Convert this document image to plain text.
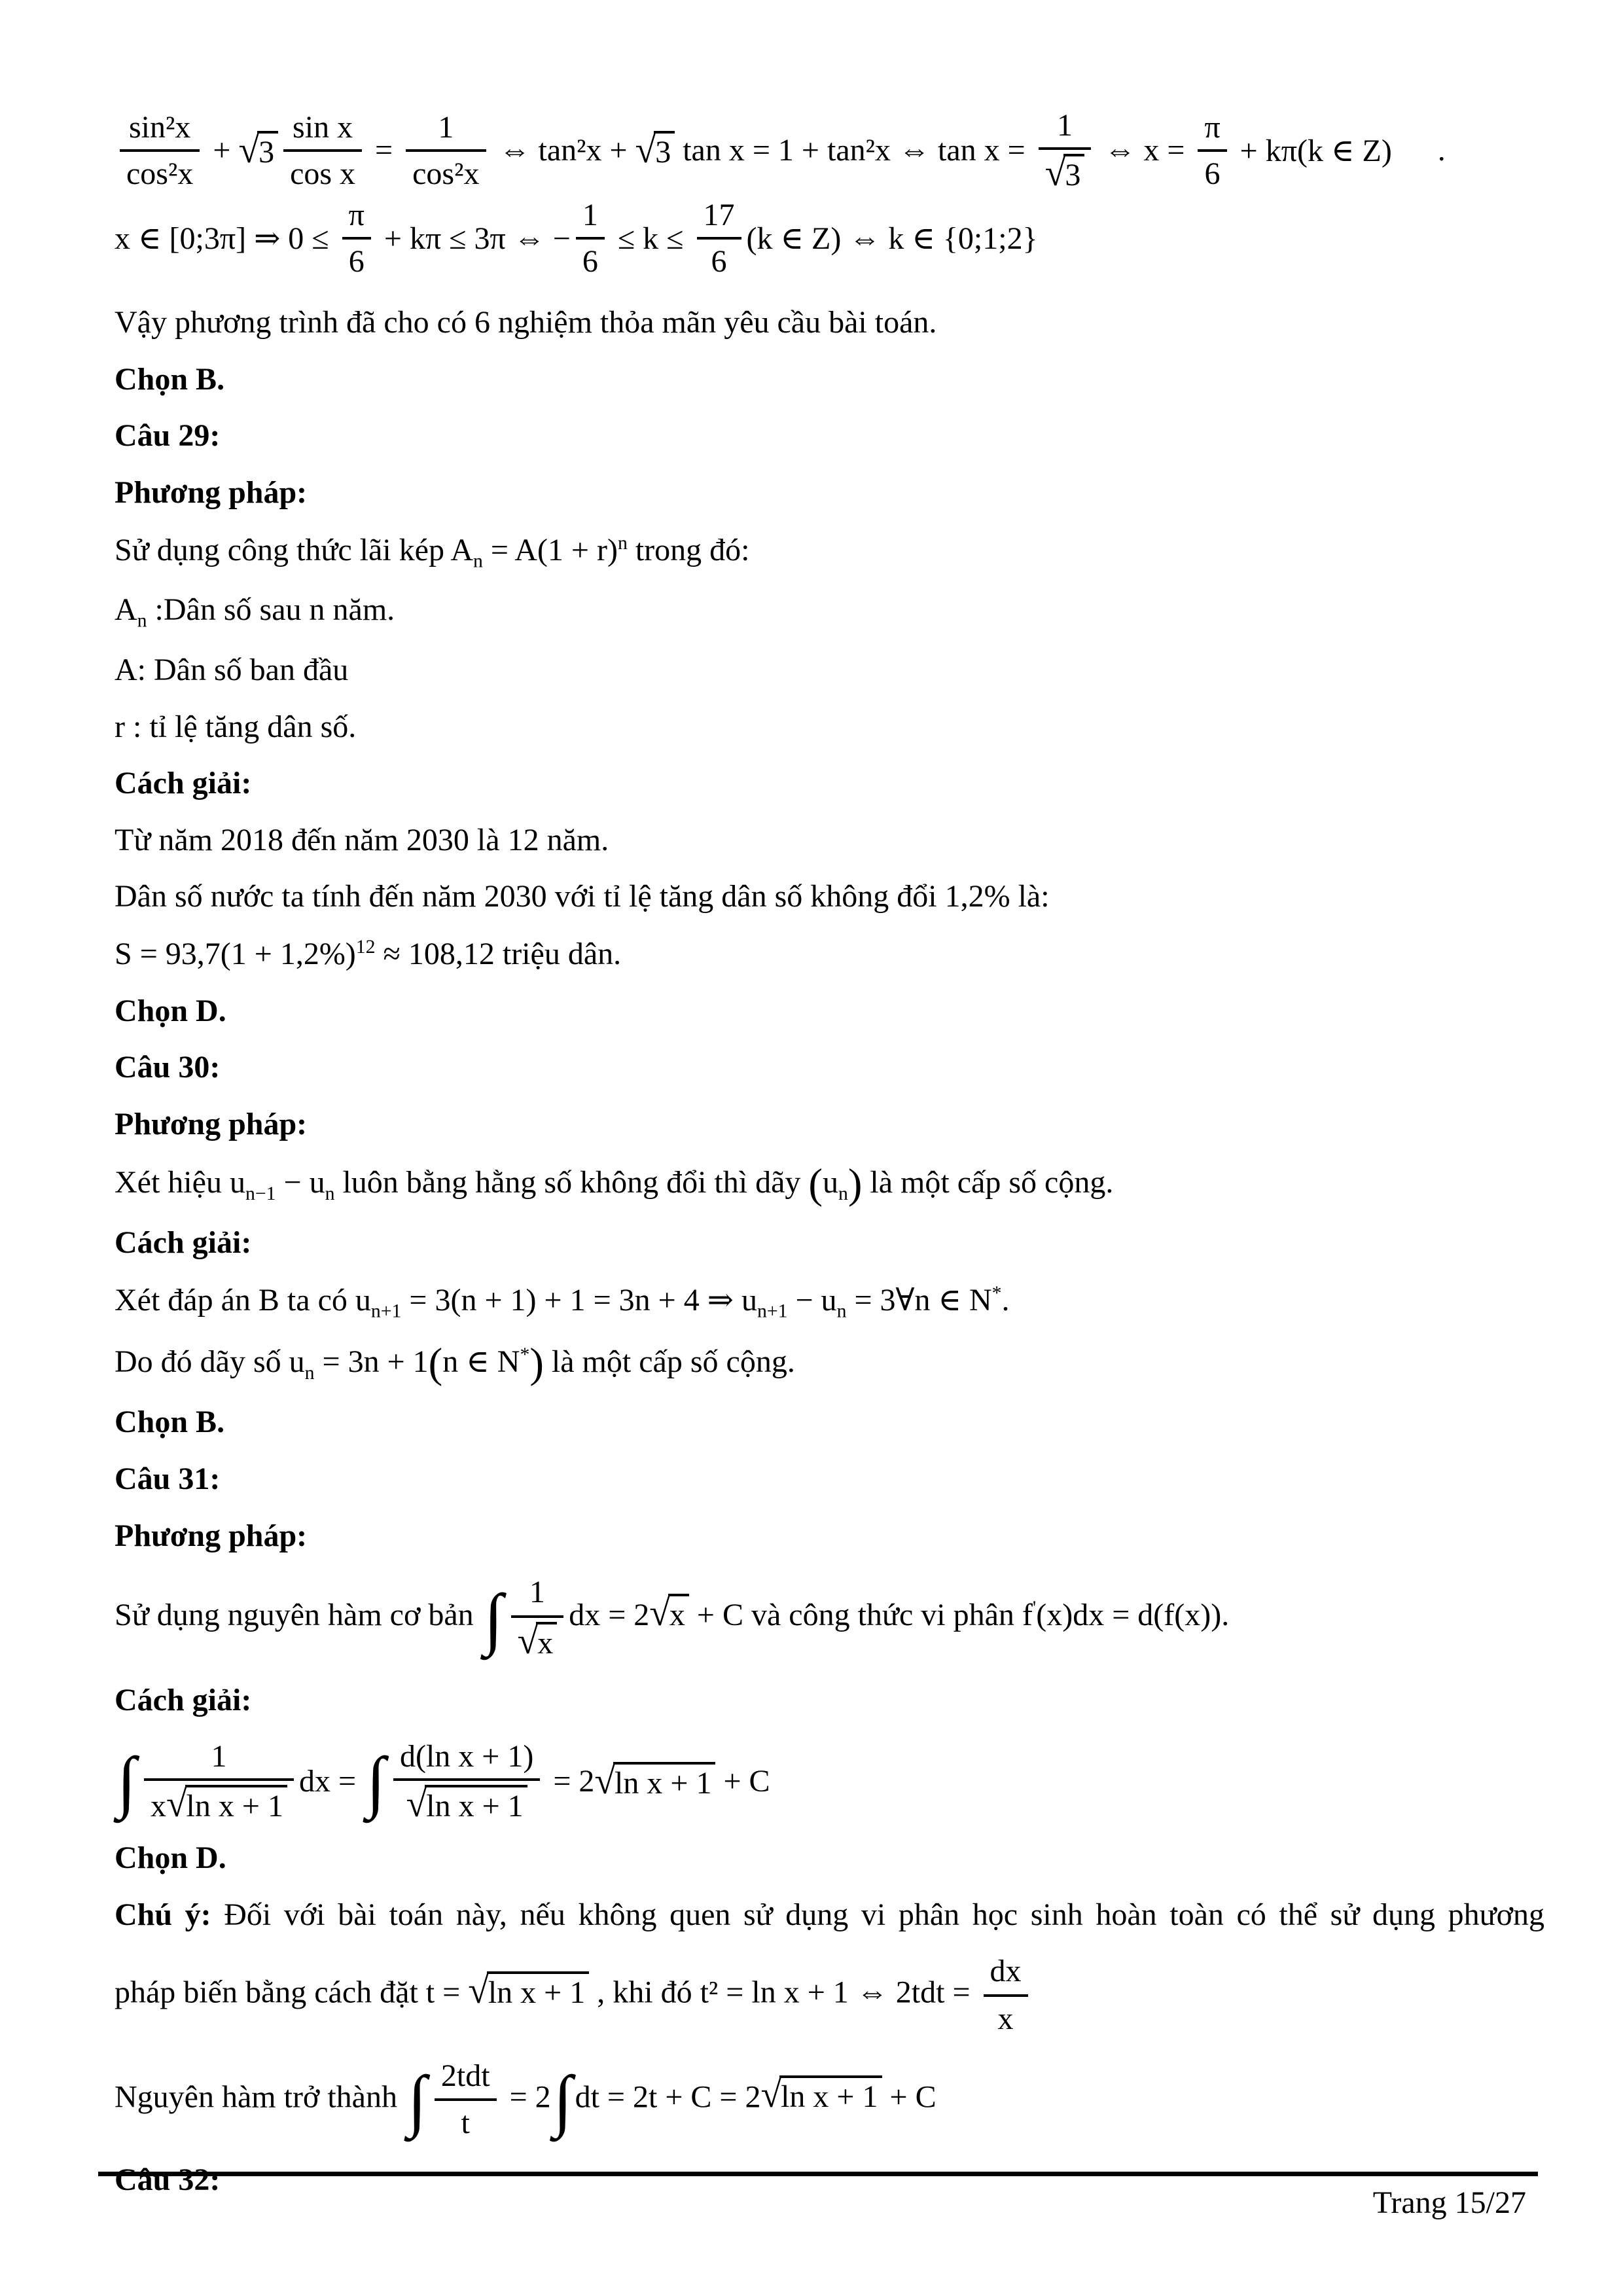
$\frac{\text{sin²x}}{\text{cos²x}} + √3 \frac{\text{sin x}}{\text{cos x}} = \frac{1}{\text{cos²x}}$ ⇔ tan²x + √3 tan x = 1 + tan²x ⇔ $\tan x = \frac{1}{√3}$ ⇔ $x = \frac{\pi}{6} + k\pi(k$ ∈ Z) .
x ∈ [0;3π] ⇒ $0 \le \frac{\pi}{6} + k\pi \le 3\pi$ ⇔ − $\frac{1}{6} \le k \le \frac{17}{6} (k$ ∈ Z) ⇔ k ∈ {0;1;2}

Vậy phương trình đã cho có 6 nghiệm thỏa mãn yêu cầu bài toán.

Chọn B.

Câu 29:

Phương pháp:

Sử dụng công thức lãi kép $A_n = A(1 + r)^n$ trong đó:

$A_n$ :Dân số sau n năm.

A: Dân số ban đầu

r : tỉ lệ tăng dân số.

Cách giải:

Từ năm 2018 đến năm 2030 là 12 năm.

Dân số nước ta tính đến năm 2030 với tỉ lệ tăng dân số không đổi 1,2% là:

$S = 93,7(1 + 1,2\%)^{12} \approx 108,12$ triệu dân.

Chọn D.

Câu 30:

Phương pháp:

Xét hiệu $u_{n-1} - u_n$ luôn bằng hằng số không đổi thì dãy $(u_n)$ là một cấp số cộng.

Cách giải:

Xét đáp án B ta có $u_{n+1} = 3(n + 1) + 1 = 3n + 4$ ⇒ $u_{n+1} - u_n$ = 3∀n ∈ N*.

Do đó dãy số $u_n = 3n + 1(n$ ∈ N*) là một cấp số cộng.

Chọn B.

Câu 31:

Phương pháp:

Sử dụng nguyên hàm cơ bản ∫ $\frac{1}{√x}$ dx = 2√x + C và công thức vi phân f'(x)dx = d(f(x)).

Cách giải:

∫ $\frac{1}{\text{x√ln x + 1}}$ dx = ∫ $\frac{\text{d(ln x + 1)}}{\text{√ln x + 1}} = 2$ √ln x + 1 + C

Chọn D.

Chú ý: Đối với bài toán này, nếu không quen sử dụng vi phân học sinh hoàn toàn có thể sử dụng phương

pháp biến bằng cách đặt t = √ln x + 1 , khi đó t² = ln x + 1 ⇔ $2tdt = \frac{dx}{x}$

Nguyên hàm trở thành ∫ $\frac{\text{2tdt}}{t} = 2\int dt = 2t + C = 2√\ln$ x + 1 + C

Câu 32:

Trang 15/27
